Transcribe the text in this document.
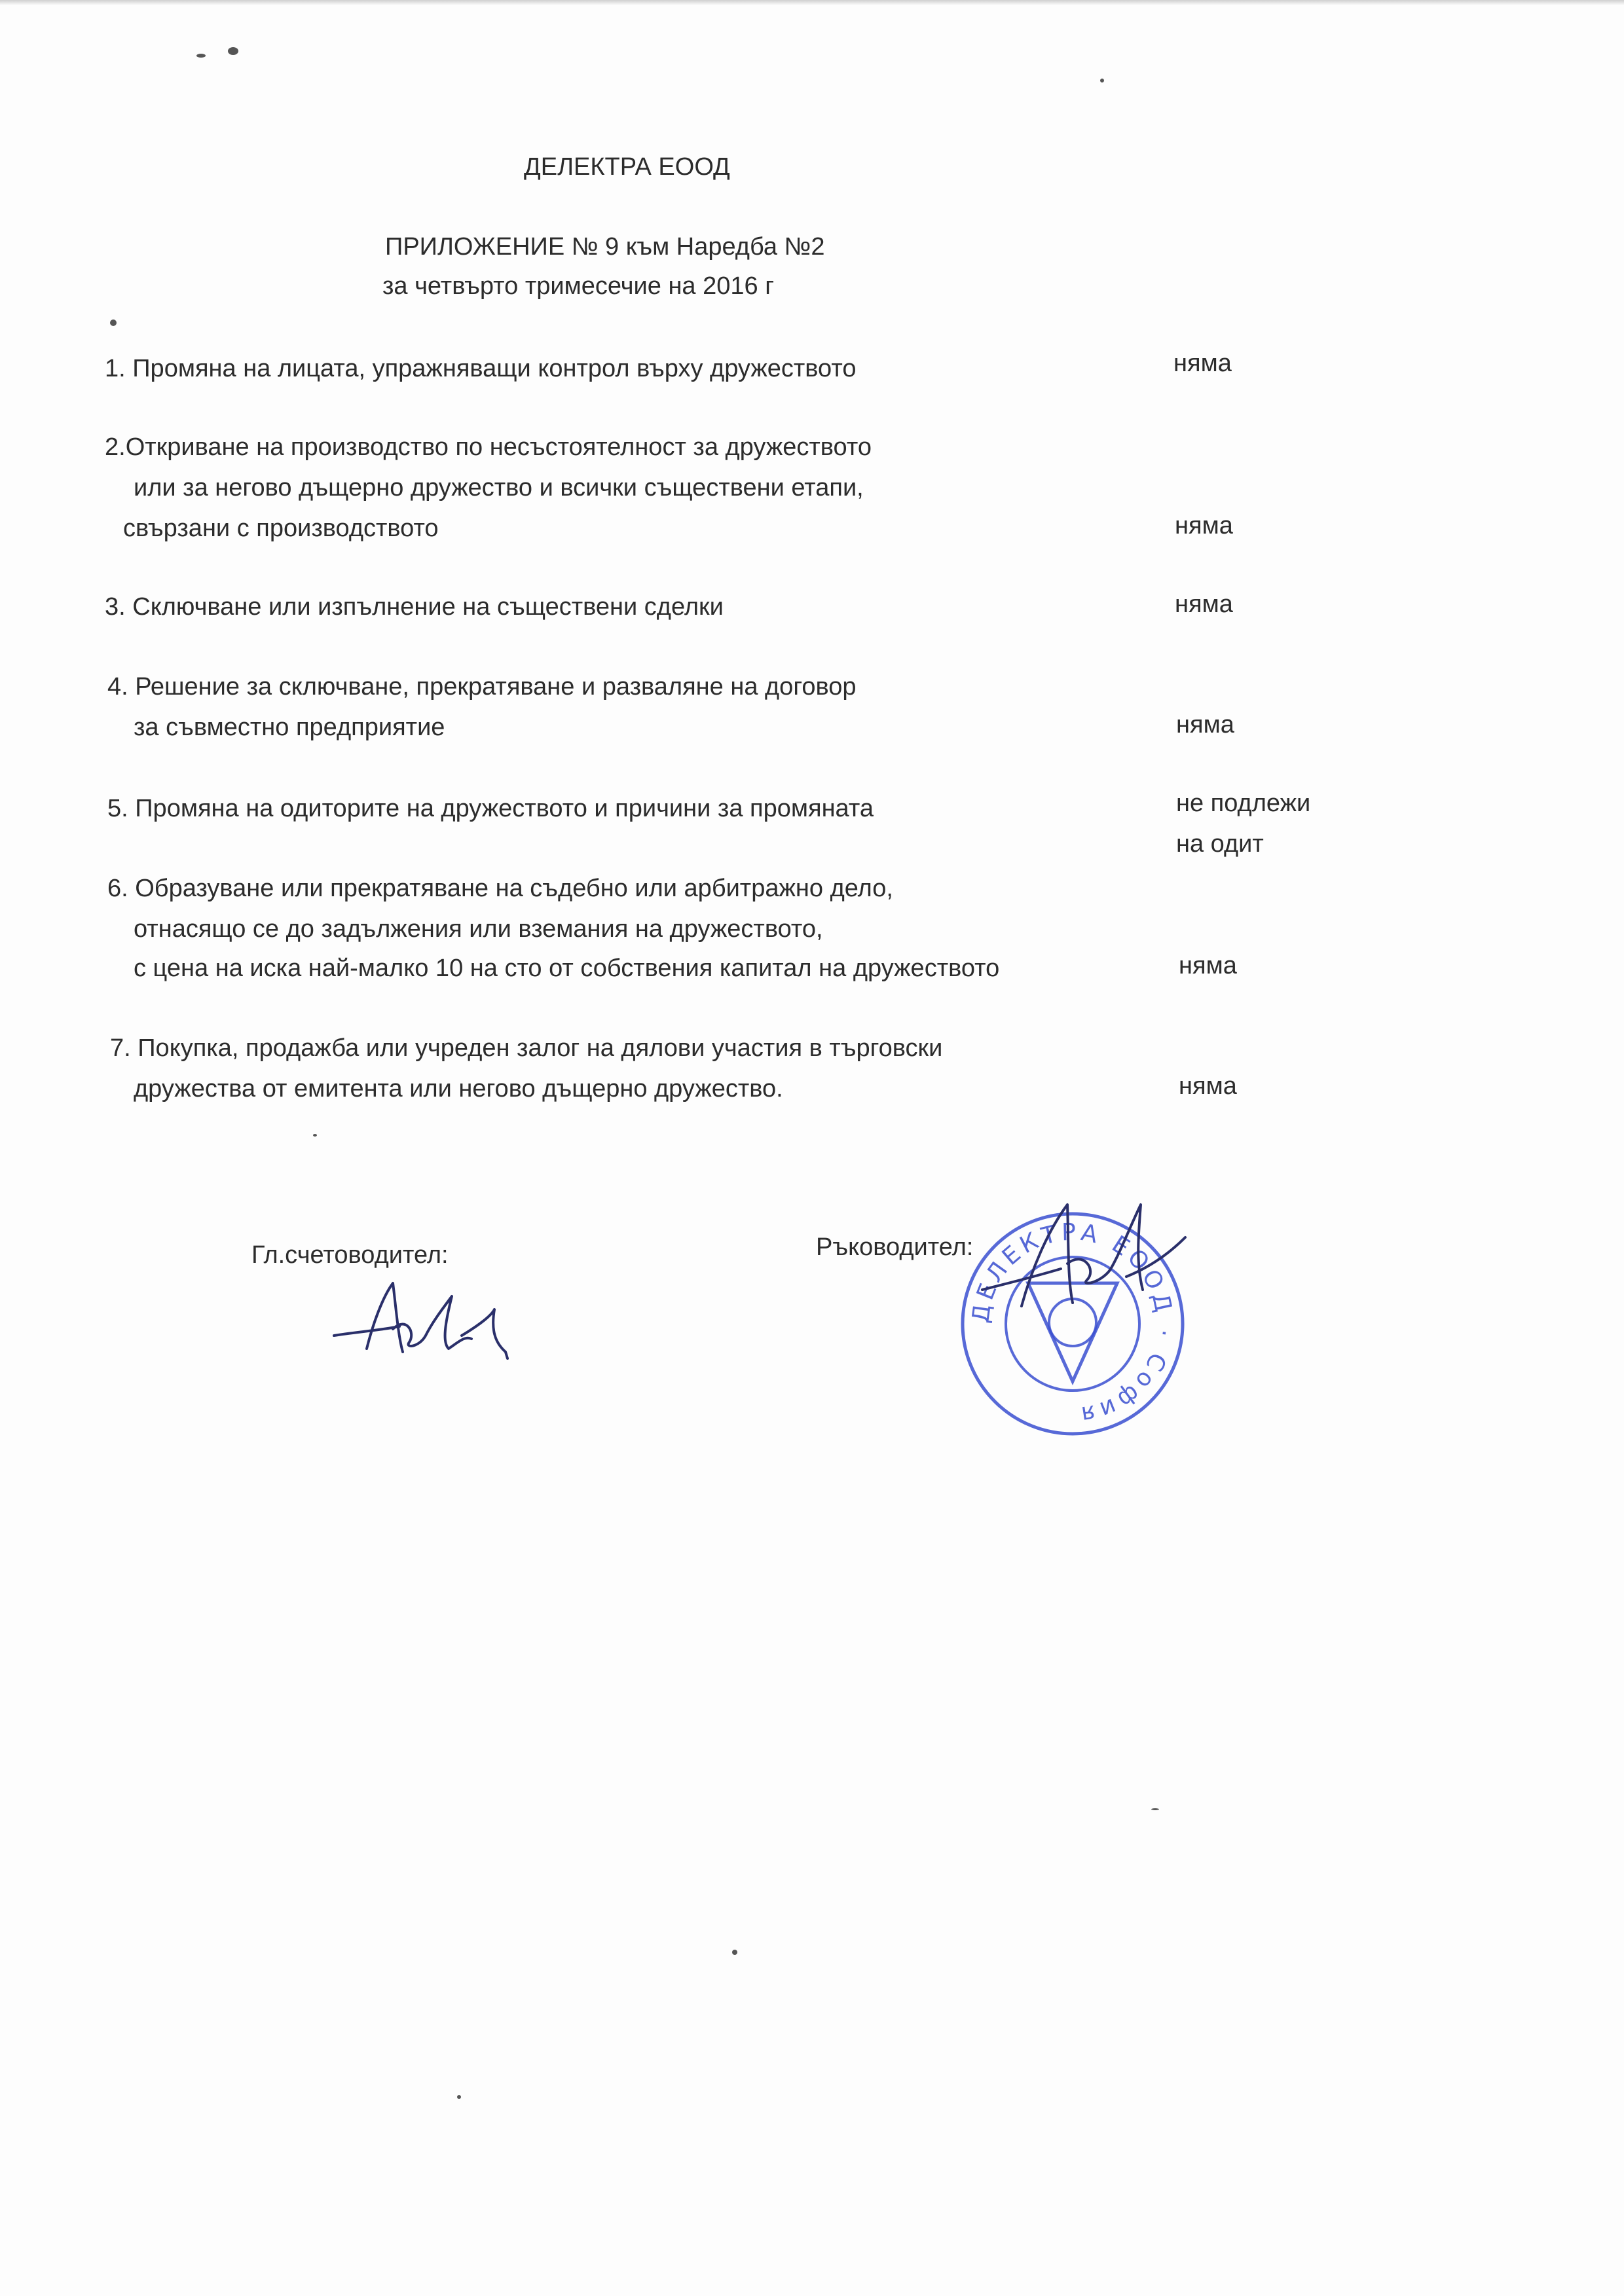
ДЕЛЕКТРА ЕООД
ПРИЛОЖЕНИЕ № 9 към Наредба №2
за четвърто тримесечие на 2016 г
1. Промяна на лицата, упражняващи контрол върху дружеството	няма
2.Откриване на производство по несъстоятелност за дружеството
или за негово дъщерно дружество и всички съществени етапи,
свързани с производството	няма
3. Сключване или изпълнение на съществени сделки	няма
4. Решение за сключване, прекратяване и разваляне на договор
за съвместно предприятие	няма
5. Промяна на одиторите на дружеството и причини за промяната	не подлежи
на одит
6. Образуване или прекратяване на съдебно или арбитражно дело,
отнасящо се до задължения или вземания на дружеството,
с цена на иска най-малко 10 на сто от собствения капитал на дружеството	няма
7. Покупка, продажба или учреден залог на дялови участия в търговски
дружества от емитента или негово дъщерно дружество.	няма
Гл.счетоводител:	Ръководител:
ДЕЛЕКТРА ЕООД · София
